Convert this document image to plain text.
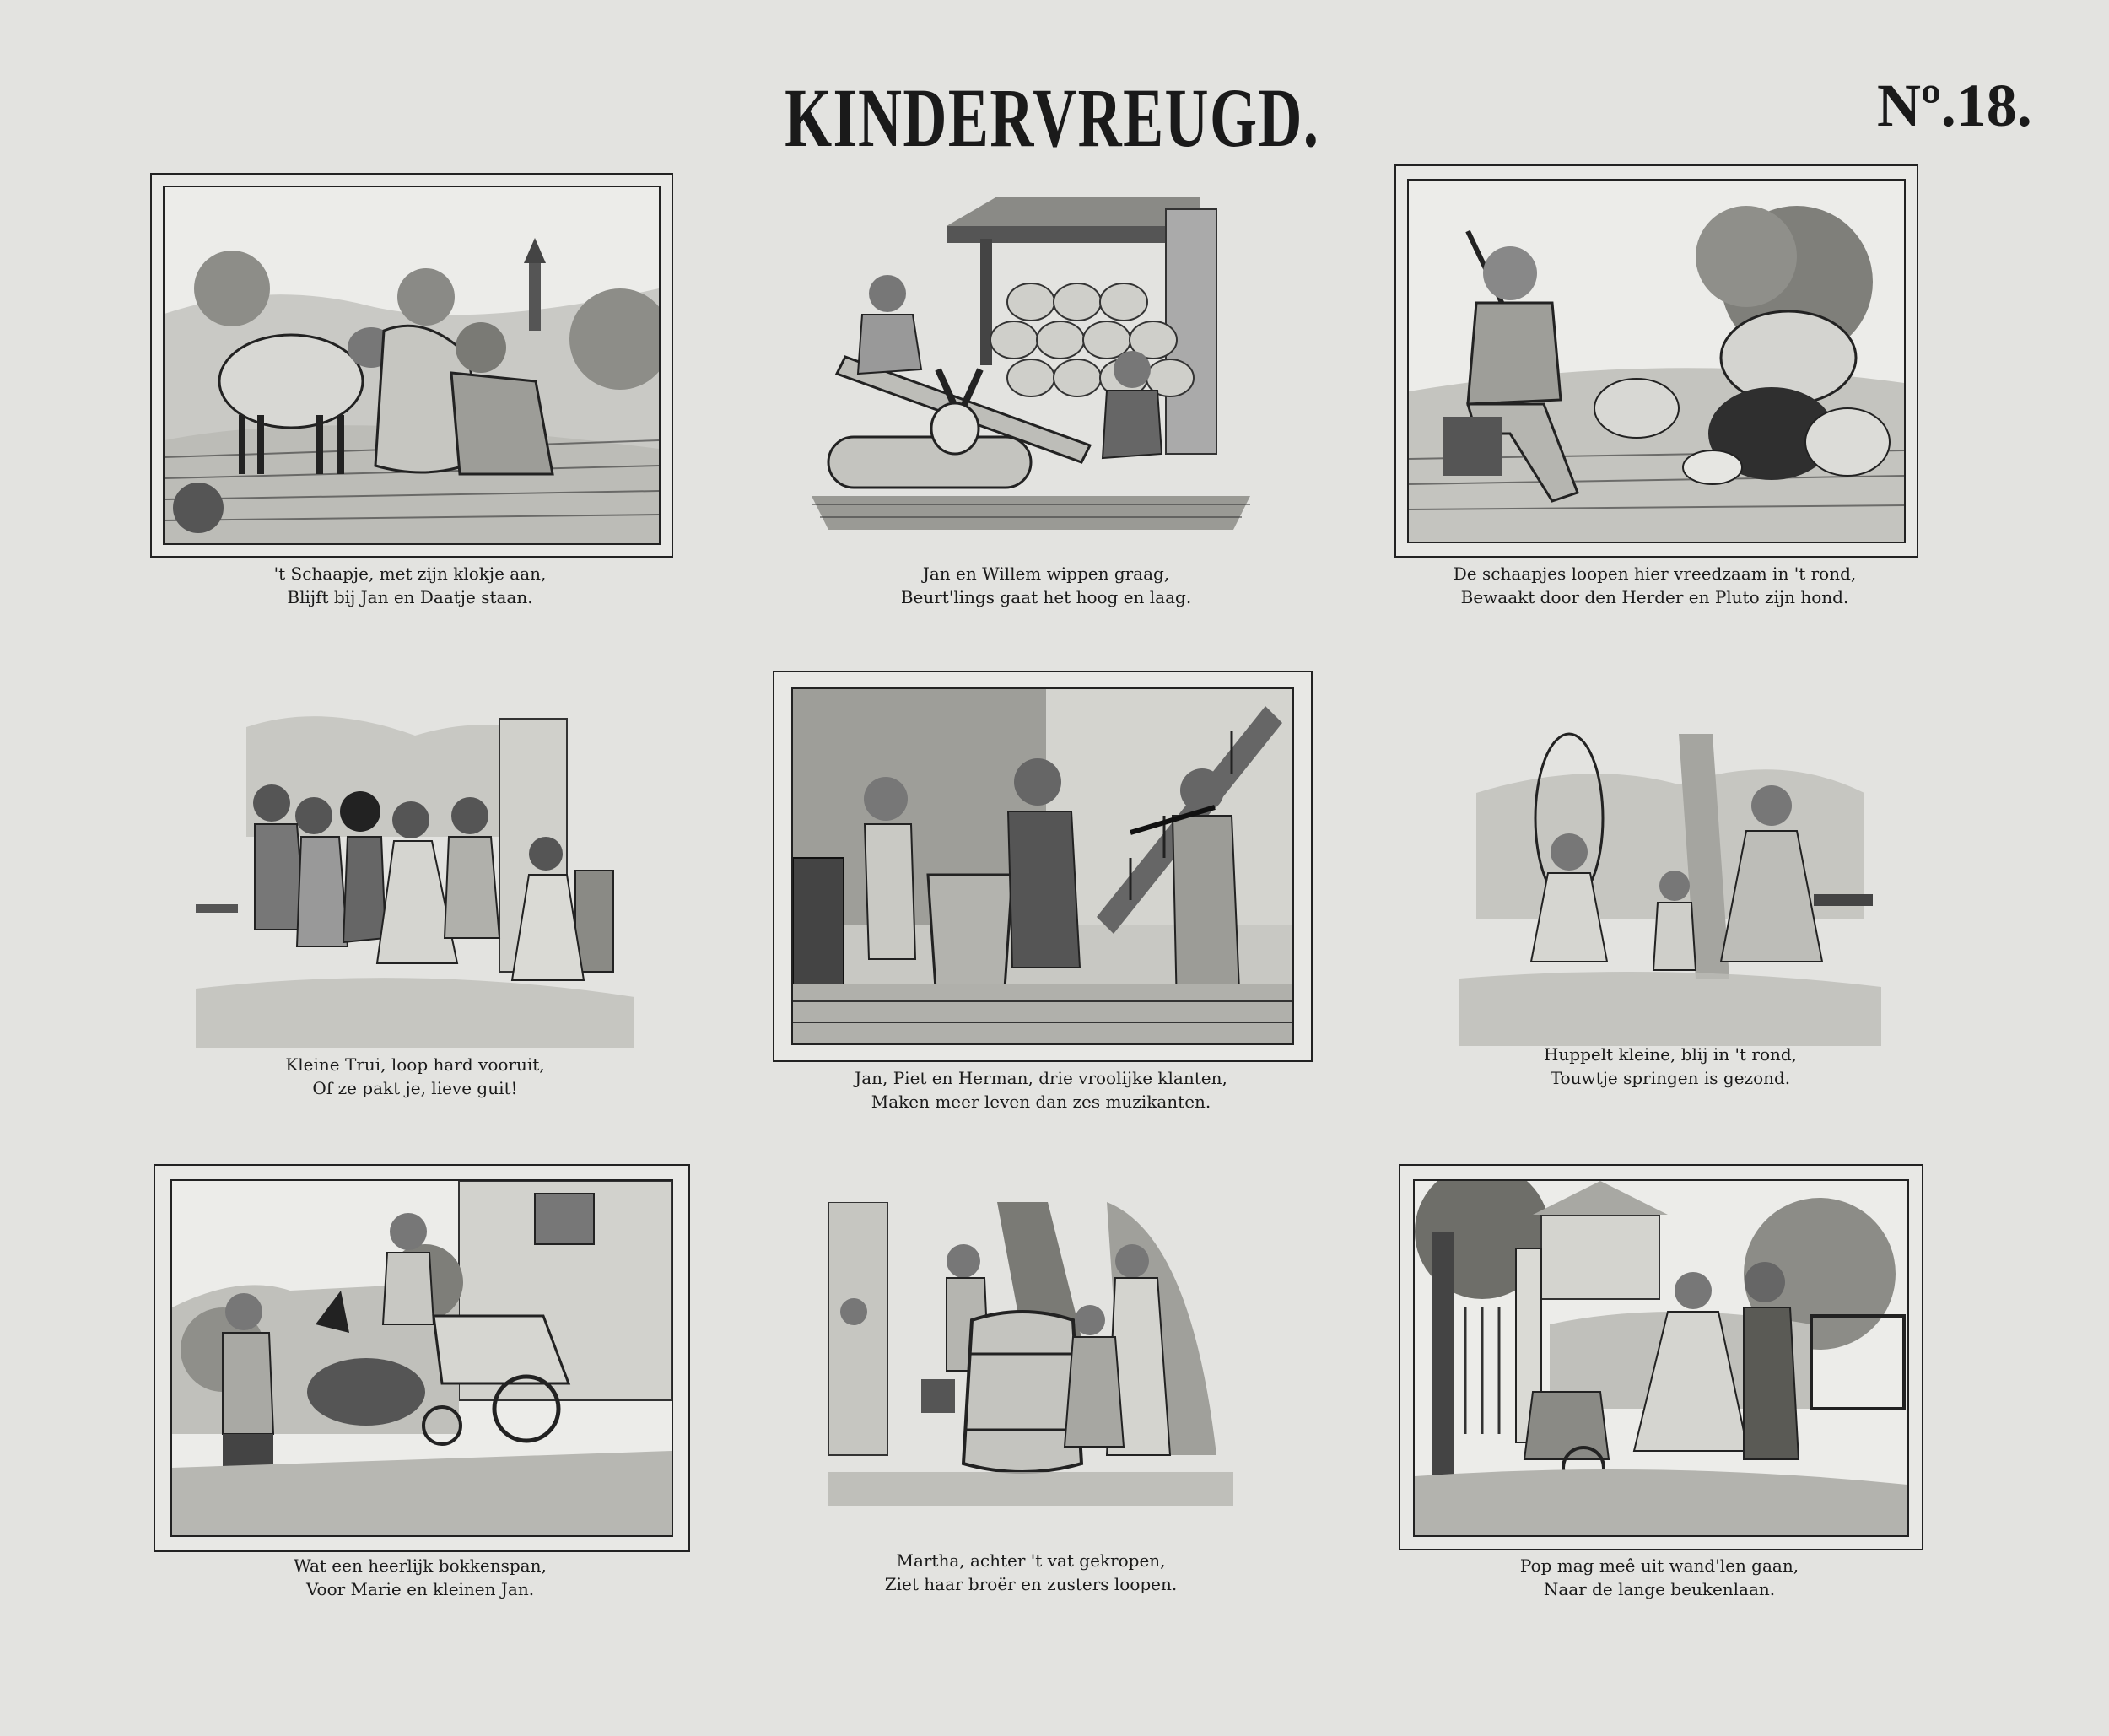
KINDERVREUGD.	Nº.18.
't Schaapje, met zijn klokje aan,
Blijft bij Jan en Daatje staan.
Jan en Willem wippen graag,
Beurt'lings gaat het hoog en laag.
De schaapjes loopen hier vreedzaam in 't rond,
Bewaakt door den Herder en Pluto zijn hond.
Kleine Trui, loop hard vooruit,
Of ze pakt je, lieve guit!	Jan, Piet en Herman, drie vroolijke klanten,
Maken meer leven dan zes muzikanten.
Huppelt kleine, blij in 't rond,
Touwtje springen is gezond.
Wat een heerlijk bokkenspan,
Voor Marie en kleinen Jan.
Martha, achter 't vat gekropen,
Ziet haar broër en zusters loopen.
Pop mag meê uit wand'len gaan,
Naar de lange beukenlaan.
